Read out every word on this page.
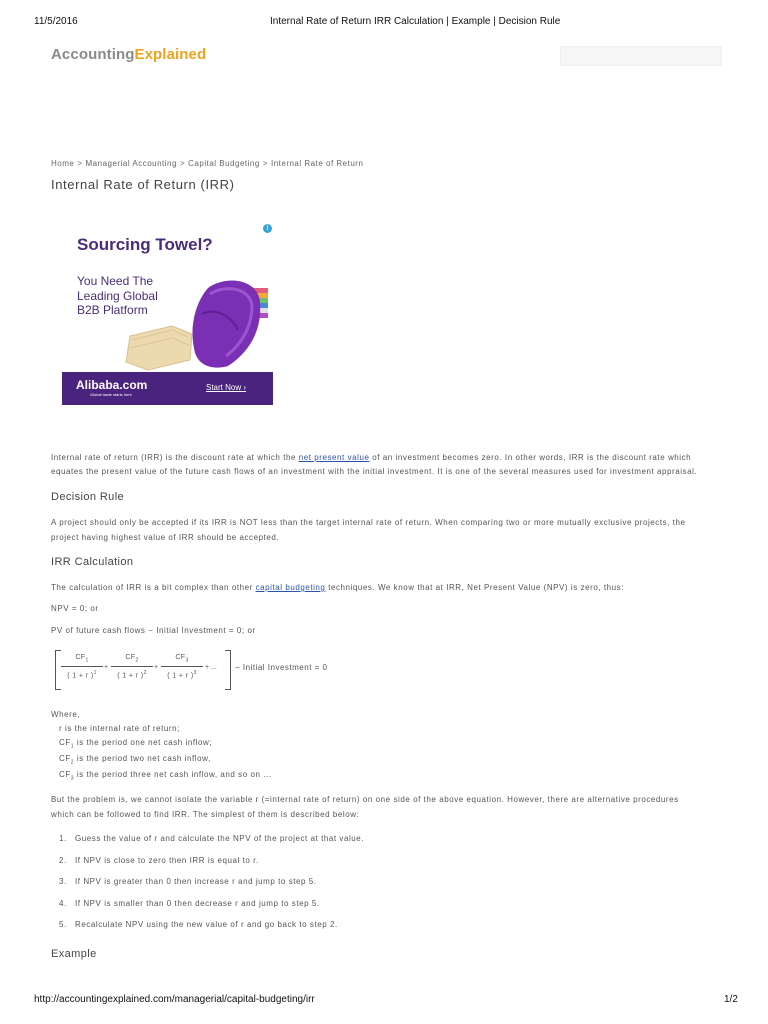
11/5/2016	Internal Rate of Return IRR Calculation | Example | Decision Rule
AccountingExplained
Home > Managerial Accounting > Capital Budgeting > Internal Rate of Return
Internal Rate of Return (IRR)
i
Sourcing Towel?
You Need The Leading Global B2B Platform
Alibaba.com
Global trade starts here
Start Now ›

Internal rate of return (IRR) is the discount rate at which the net present value of an investment becomes zero. In other words, IRR is the discount rate which

equates the present value of the future cash flows of an investment with the initial investment. It is one of the several measures used for investment appraisal.

Decision Rule

A project should only be accepted if its IRR is NOT less than the target internal rate of return. When comparing two or more mutually exclusive projects, the

project having highest value of IRR should be accepted.

IRR Calculation

The calculation of IRR is a bit complex than other capital budgeting techniques. We know that at IRR, Net Present Value (NPV) is zero, thus:

NPV = 0; or

PV of future cash flows − Initial Investment = 0; or

$CF_1$
( 1 + r )$^1$
+
$CF_2$
( 1 + r )$^2$
+
$CF_3$
( 1 + r )$^3$
+ ... − Initial Investment = 0

Where,

r is the internal rate of return;

$CF_1$ is the period one net cash inflow;

$CF_2$ is the period two net cash inflow,

$CF_3$ is the period three net cash inflow, and so on ...

But the problem is, we cannot isolate the variable r (=internal rate of return) on one side of the above equation. However, there are alternative procedures

which can be followed to find IRR. The simplest of them is described below:

1. Guess the value of r and calculate the NPV of the project at that value.
2. If NPV is close to zero then IRR is equal to r.
3. If NPV is greater than 0 then increase r and jump to step 5.
4. If NPV is smaller than 0 then decrease r and jump to step 5.
5. Recalculate NPV using the new value of r and go back to step 2.
Example
http://accountingexplained.com/managerial/capital-budgeting/irr	1/2
